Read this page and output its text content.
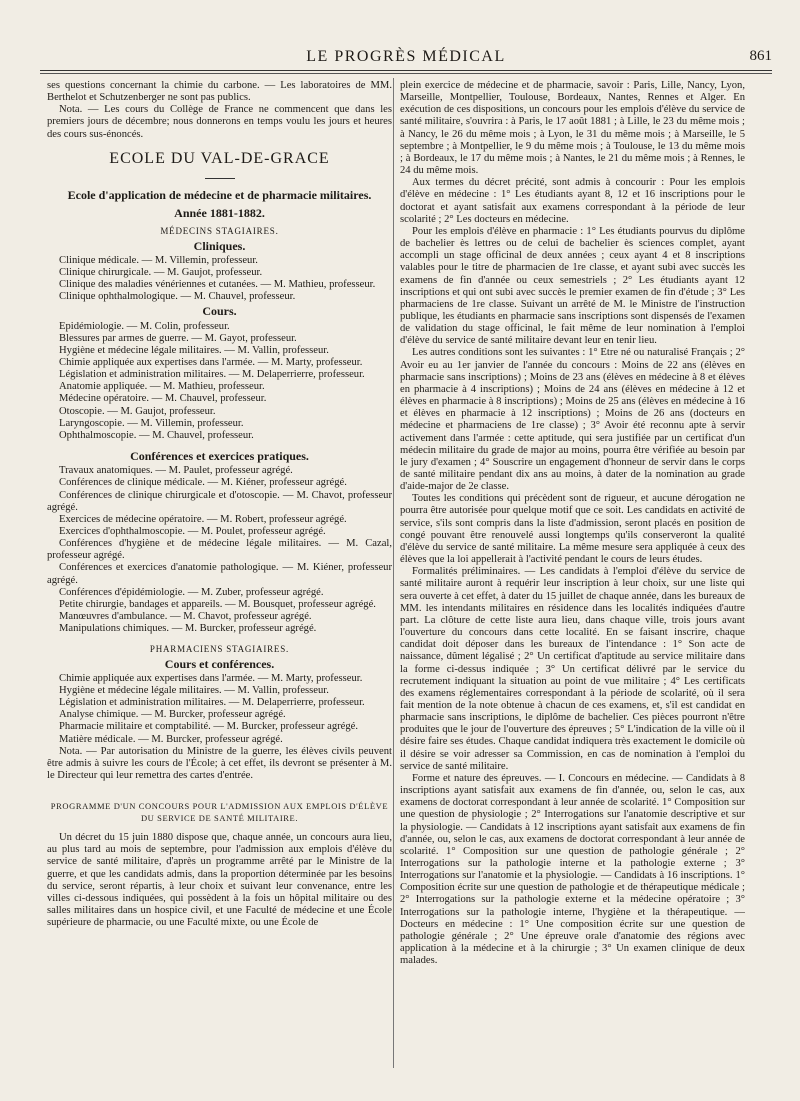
LE PROGRÈS MÉDICAL	861

ses questions concernant la chimie du carbone. — Les laboratoires de MM. Berthelot et Schutzenberger ne sont pas publics.

Nota. — Les cours du Collège de France ne commencent que dans les premiers jours de décembre; nous donnerons en temps voulu les jours et heures des cours sus-énoncés.

ECOLE DU VAL-DE-GRACE
Ecole d'application de médecine et de pharmacie militaires.
Année 1881-1882.
MÉDECINS STAGIAIRES.
Cliniques.

Clinique médicale. — M. Villemin, professeur.

Clinique chirurgicale. — M. Gaujot, professeur.

Clinique des maladies vénériennes et cutanées. — M. Mathieu, professeur.

Clinique ophthalmologique. — M. Chauvel, professeur.

Cours.

Epidémiologie. — M. Colin, professeur.

Blessures par armes de guerre. — M. Gayot, professeur.

Hygiène et médecine légale militaires. — M. Vallin, professeur.

Chimie appliquée aux expertises dans l'armée. — M. Marty, professeur.

Législation et administration militaires. — M. Delaperrierre, professeur.

Anatomie appliquée. — M. Mathieu, professeur.

Médecine opératoire. — M. Chauvel, professeur.

Otoscopie. — M. Gaujot, professeur.

Laryngoscopie. — M. Villemin, professeur.

Ophthalmoscopie. — M. Chauvel, professeur.

Conférences et exercices pratiques.

Travaux anatomiques. — M. Paulet, professeur agrégé.

Conférences de clinique médicale. — M. Kiéner, professeur agrégé.

Conférences de clinique chirurgicale et d'otoscopie. — M. Chavot, professeur agrégé.

Exercices de médecine opératoire. — M. Robert, professeur agrégé.

Exercices d'ophthalmoscopie. — M. Poulet, professeur agrégé.

Conférences d'hygiène et de médecine légale militaires. — M. Cazal, professeur agrégé.

Conférences et exercices d'anatomie pathologique. — M. Kiéner, professeur agrégé.

Conférences d'épidémiologie. — M. Zuber, professeur agrégé.

Petite chirurgie, bandages et appareils. — M. Bousquet, professeur agrégé.

Manœuvres d'ambulance. — M. Chavot, professeur agrégé.

Manipulations chimiques. — M. Burcker, professeur agrégé.

PHARMACIENS STAGIAIRES.
Cours et conférences.

Chimie appliquée aux expertises dans l'armée. — M. Marty, professeur.

Hygiène et médecine légale militaires. — M. Vallin, professeur.

Législation et administration militaires. — M. Delaperrierre, professeur.

Analyse chimique. — M. Burcker, professeur agrégé.

Pharmacie militaire et comptabilité. — M. Burcker, professeur agrégé.

Matière médicale. — M. Burcker, professeur agrégé.

Nota. — Par autorisation du Ministre de la guerre, les élèves civils peuvent être admis à suivre les cours de l'École; à cet effet, ils devront se présenter à M. le Directeur qui leur remettra des cartes d'entrée.

PROGRAMME D'UN CONCOURS POUR L'ADMISSION AUX EMPLOIS D'ÉLÈVE DU SERVICE DE SANTÉ MILITAIRE.

Un décret du 15 juin 1880 dispose que, chaque année, un concours aura lieu, au plus tard au mois de septembre, pour l'admission aux emplois d'élève du service de santé militaire, d'après un programme arrêté par le Ministre de la guerre, et que les candidats admis, dans la proportion déterminée par les besoins du service, seront répartis, à leur choix et suivant leur convenance, entre les villes ci-dessous indiquées, qui possèdent à la fois un hôpital militaire ou des salles militaires dans un hospice civil, et une Faculté de médecine et une École supérieure de pharmacie, ou une Faculté mixte, ou une École de

plein exercice de médecine et de pharmacie, savoir : Paris, Lille, Nancy, Lyon, Marseille, Montpellier, Toulouse, Bordeaux, Nantes, Rennes et Alger. En exécution de ces dispositions, un concours pour les emplois d'élève du service de santé militaire, s'ouvrira : à Paris, le 17 août 1881 ; à Lille, le 23 du même mois ; à Nancy, le 26 du même mois ; à Lyon, le 31 du même mois ; à Marseille, le 5 septembre ; à Montpellier, le 9 du même mois ; à Toulouse, le 13 du même mois ; à Bordeaux, le 17 du même mois ; à Nantes, le 21 du même mois ; à Rennes, le 24 du même mois.

Aux termes du décret précité, sont admis à concourir : Pour les emplois d'élève en médecine : 1° Les étudiants ayant 8, 12 et 16 inscriptions pour le doctorat et ayant satisfait aux examens correspondant à la période de leur scolarité ; 2° Les docteurs en médecine.

Pour les emplois d'élève en pharmacie : 1° Les étudiants pourvus du diplôme de bachelier ès lettres ou de celui de bachelier ès sciences complet, ayant accompli un stage officinal de deux années ; ceux ayant 4 et 8 inscriptions valables pour le titre de pharmacien de 1re classe, et ayant subi avec succès les examens de fin d'année ou ceux semestriels ; 2° Les étudiants ayant 12 inscriptions et qui ont subi avec succès le premier examen de fin d'étude ; 3° Les pharmaciens de 1re classe. Suivant un arrêté de M. le Ministre de l'instruction publique, les étudiants en pharmacie sans inscriptions sont dispensés de l'examen de validation du stage officinal, le fait même de leur nomination à l'emploi d'élève du service de santé militaire devant leur en tenir lieu.

Les autres conditions sont les suivantes : 1° Etre né ou naturalisé Français ; 2° Avoir eu au 1er janvier de l'année du concours : Moins de 22 ans (élèves en pharmacie sans inscriptions) ; Moins de 23 ans (élèves en médecine à 8 et élèves en pharmacie à 4 inscriptions) ; Moins de 24 ans (élèves en médecine à 12 et élèves en pharmacie à 8 inscriptions) ; Moins de 25 ans (élèves en médecine à 16 et élèves en pharmacie à 12 inscriptions) ; Moins de 26 ans (docteurs en médecine et pharmaciens de 1re classe) ; 3° Avoir été reconnu apte à servir activement dans l'armée : cette aptitude, qui sera justifiée par un certificat d'un médecin militaire du grade de major au moins, pourra être vérifiée au besoin par le jury d'examen ; 4° Souscrire un engagement d'honneur de servir dans le corps de santé militaire pendant dix ans au moins, à dater de la nomination au grade d'aide-major de 2e classe.

Toutes les conditions qui précèdent sont de rigueur, et aucune dérogation ne pourra être autorisée pour quelque motif que ce soit. Les candidats en activité de service, s'ils sont compris dans la liste d'admission, seront placés en position de congé pouvant être renouvelé aussi longtemps qu'ils conserveront la qualité d'élève du service de santé militaire. La même mesure sera appliquée à ceux des élèves que la loi appellerait à l'activité pendant le cours de leurs études.

Formalités préliminaires. — Les candidats à l'emploi d'élève du service de santé militaire auront à requérir leur inscription à leur choix, sur une liste qui sera ouverte à cet effet, à dater du 15 juillet de chaque année, dans les bureaux de MM. les intendants militaires en résidence dans les localités indiquées d'autre part. La clôture de cette liste aura lieu, dans chaque ville, trois jours avant l'ouverture du concours dans cette localité. En se faisant inscrire, chaque candidat doit déposer dans les bureaux de l'intendance : 1° Son acte de naissance, dûment légalisé ; 2° Un certificat d'aptitude au service militaire dans la forme ci-dessus indiquée ; 3° Un certificat délivré par le service du recrutement indiquant la situation au point de vue militaire ; 4° Les certificats des examens réglementaires correspondant à la période de scolarité, où il sera fait mention de la note obtenue à chacun de ces examens, et, s'il est candidat en pharmacie sans inscriptions, le diplôme de bachelier. Ces pièces pourront n'être produites que le jour de l'ouverture des épreuves ; 5° L'indication de la ville où il désire faire ses études. Chaque candidat indiquera très exactement le domicile où il désire se voir adresser sa Commission, en cas de nomination à l'emploi du service de santé militaire.

Forme et nature des épreuves. — I. Concours en médecine. — Candidats à 8 inscriptions ayant satisfait aux examens de fin d'année, ou, selon le cas, aux examens de doctorat correspondant à leur année de scolarité. 1° Composition sur une question de physiologie ; 2° Interrogations sur l'anatomie descriptive et sur la physiologie. — Candidats à 12 inscriptions ayant satisfait aux examens de fin d'année, ou, selon le cas, aux examens de doctorat correspondant à leur année de scolarité. 1° Composition sur une question de pathologie générale ; 2° Interrogations sur la pathologie interne et la pathologie externe ; 3° Interrogations sur l'anatomie et la physiologie. — Candidats à 16 inscriptions. 1° Composition écrite sur une question de pathologie et de thérapeutique médicale ; 2° Interrogations sur la pathologie externe et la médecine opératoire ; 3° Interrogations sur la pathologie interne, l'hygiène et la thérapeutique. — Docteurs en médecine : 1° Une composition écrite sur une question de pathologie générale ; 2° Une épreuve orale d'anatomie des régions avec application à la médecine et à la chirurgie ; 3° Un examen clinique de deux malades.
